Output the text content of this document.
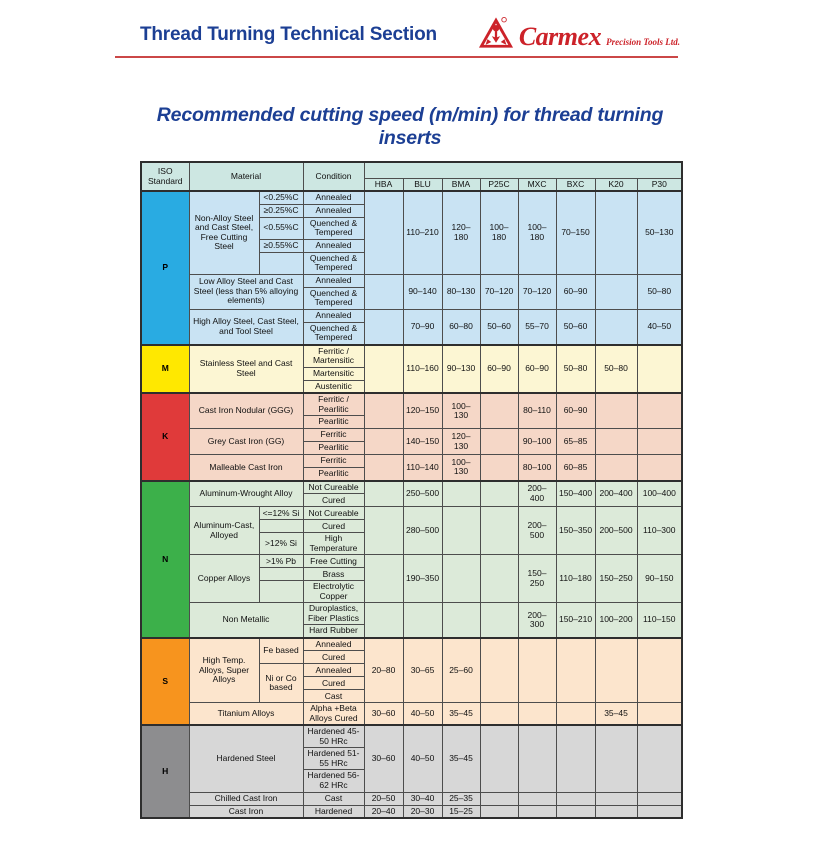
Thread Turning Technical Section	Carmex Precision Tools Ltd.
Recommended cutting speed (m/min) for thread turning inserts
ISO Standard	Material		Condition								
				HBA	BLU	BMA	P25C	MXC	BXC	K20	P30
P	Non-Alloy Steel and Cast Steel, Free Cutting Steel	<0.25%C	Annealed		110–210	120–180	100–180	100–180	70–150		50–130
		≥0.25%C	Annealed								
		<0.55%C	Quenched & Tempered								
		≥0.55%C	Annealed								
			Quenched & Tempered								
	Low Alloy Steel and Cast Steel (less than 5% alloying elements)		Annealed		90–140	80–130	70–120	70–120	60–90		50–80
			Quenched & Tempered								
	High Alloy Steel, Cast Steel, and Tool Steel		Annealed		70–90	60–80	50–60	55–70	50–60		40–50
			Quenched & Tempered								
M	Stainless Steel and Cast Steel		Ferritic / Martensitic		110–160	90–130	60–90	60–90	50–80	50–80	
			Martensitic								
			Austenitic								
K	Cast Iron Nodular (GGG)		Ferritic / Pearlitic		120–150	100–130		80–110	60–90		
			Pearlitic								
	Grey Cast Iron (GG)		Ferritic		140–150	120–130		90–100	65–85		
			Pearlitic								
	Malleable Cast Iron		Ferritic		110–140	100–130		80–100	60–85		
			Pearlitic								
N	Aluminum-Wrought Alloy		Not Cureable		250–500			200–400	150–400	200–400	100–400
			Cured								
	Aluminum-Cast, Alloyed	<=12% Si	Not Cureable		280–500			200–500	150–350	200–500	110–300
			Cured								
		>12% Si	High Temperature								
	Copper Alloys	>1% Pb	Free Cutting		190–350			150–250	110–180	150–250	90–150
			Brass								
			Electrolytic Copper								
	Non Metallic		Duroplastics, Fiber Plastics					200–300	150–210	100–200	110–150
			Hard Rubber								
S	High Temp. Alloys, Super Alloys	Fe based	Annealed	20–80	30–65	25–60					
			Cured								
		Ni or Co based	Annealed								
			Cured								
			Cast								
	Titanium Alloys		Alpha +Beta Alloys Cured	30–60	40–50	35–45				35–45	
H	Hardened Steel		Hardened 45-50 HRc	30–60	40–50	35–45					
			Hardened 51-55 HRc								
			Hardened 56-62 HRc								
	Chilled Cast Iron		Cast	20–50	30–40	25–35					
	Cast Iron		Hardened	20–40	20–30	15–25					
